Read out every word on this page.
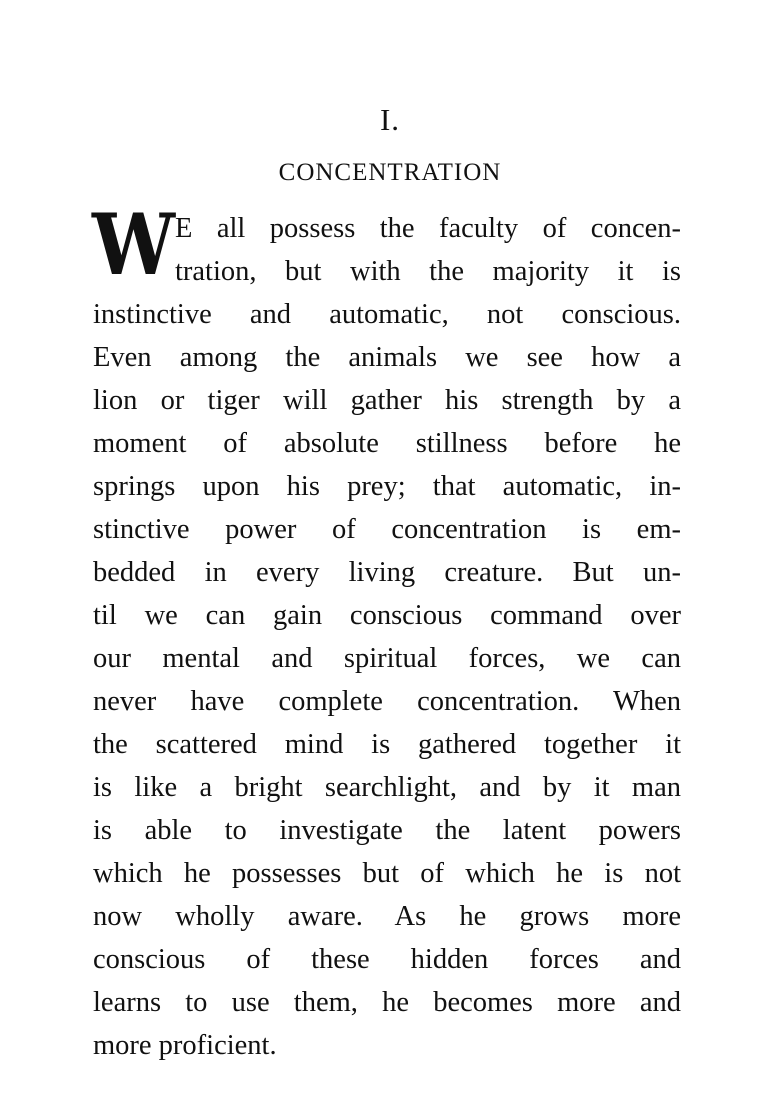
I.
CONCENTRATION
W E all possess the faculty of concen-
tration, but with the majority it is
instinctive and automatic, not conscious.
Even among the animals we see how a
lion or tiger will gather his strength by a
moment of absolute stillness before he
springs upon his prey; that automatic, in-
stinctive power of concentration is em-
bedded in every living creature. But un-
til we can gain conscious command over
our mental and spiritual forces, we can
never have complete concentration. When
the scattered mind is gathered together it
is like a bright searchlight, and by it man
is able to investigate the latent powers
which he possesses but of which he is not
now wholly aware. As he grows more
conscious of these hidden forces and
learns to use them, he becomes more and
more proficient.
